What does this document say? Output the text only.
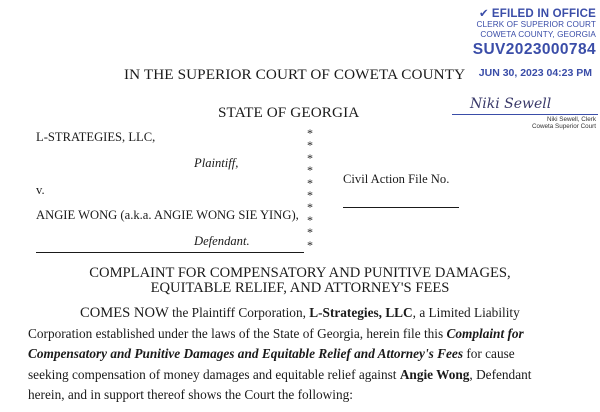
✔ EFILED IN OFFICE
CLERK OF SUPERIOR COURT
COWETA COUNTY, GEORGIA
SUV2023000784
JUN 30, 2023 04:23 PM
Niki Sewell
Niki Sewell, Clerk
Coweta Superior Court
IN THE SUPERIOR COURT OF COWETA COUNTY
STATE OF GEORGIA
L-STRATEGIES, LLC,
Plaintiff,
v.
ANGIE WONG (a.k.a. ANGIE WONG SIE YING),
Defendant.
*
*
*
*
*
*
*
*
*
*
Civil Action File No.
COMPLAINT FOR COMPENSATORY AND PUNITIVE DAMAGES,
EQUITABLE RELIEF, AND ATTORNEY'S FEES
COMES NOW the Plaintiff Corporation, L-Strategies, LLC, a Limited Liability
Corporation established under the laws of the State of Georgia, herein file this Complaint for
Compensatory and Punitive Damages and Equitable Relief and Attorney's Fees for cause
seeking compensation of money damages and equitable relief against Angie Wong, Defendant
herein, and in support thereof shows the Court the following:
